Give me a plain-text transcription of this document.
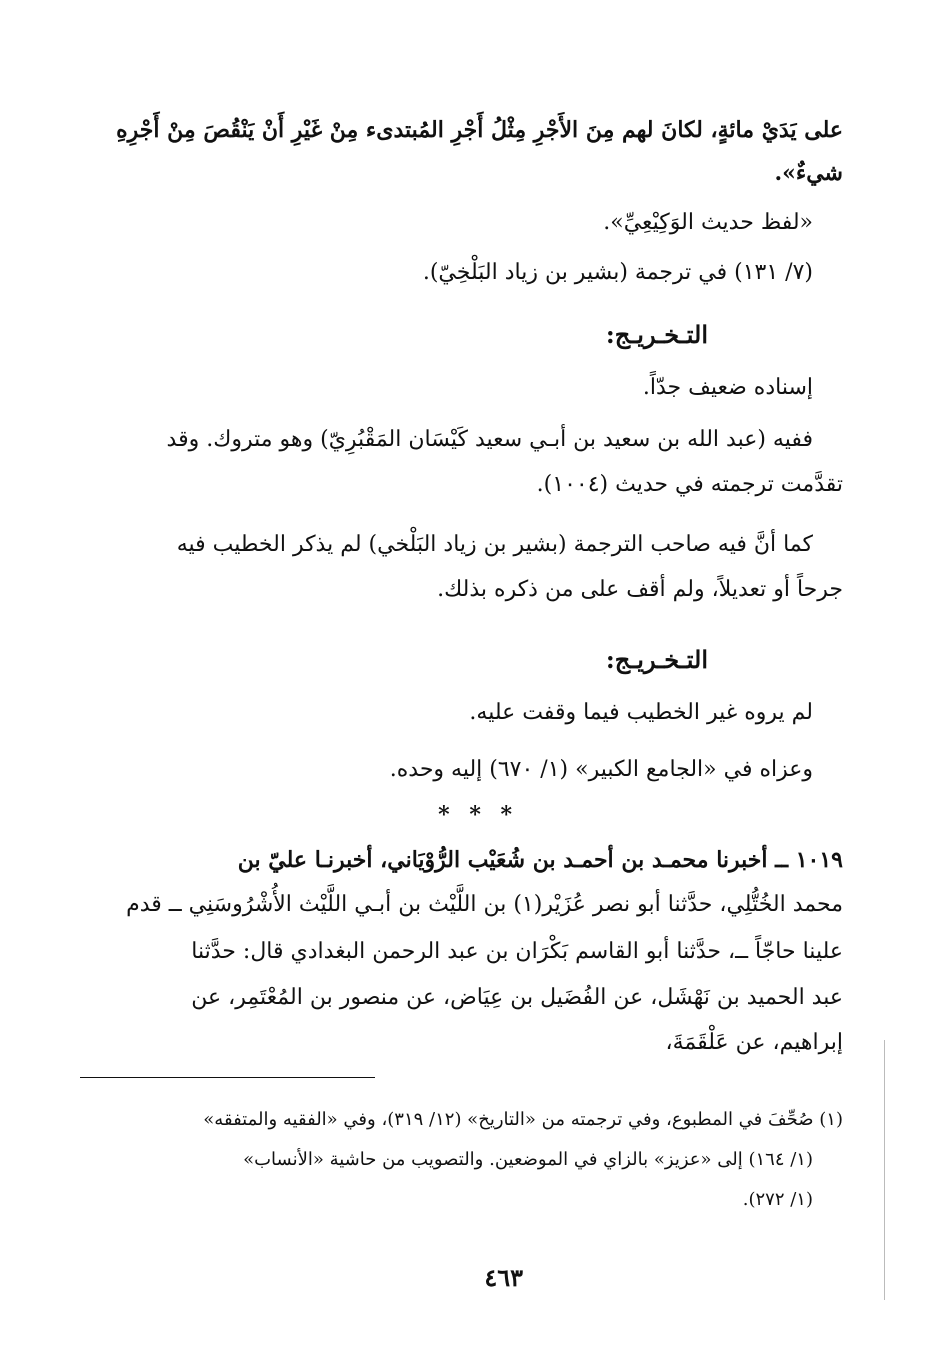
على يَدَيْ مائةٍ، لكانَ لهم مِنَ الأَجْرِ مِثْلُ أَجْرِ المُبتدىء مِنْ غَيْرِ أَنْ يَنْقُصَ مِنْ أَجْرِهِ
شيءٌ».
«لفظ حديث الوَكِيْعِيِّ».
(٧/ ١٣١) في ترجمة (بشير بن زياد البَلْخِيّ).
التـخـريـج:
إسناده ضعيف جدّاً.
ففيه (عبد الله بن سعيد بن أبـي سعيد كَيْسَان المَقْبُرِيّ) وهو متروك. وقد
تقدَّمت ترجمته في حديث (١٠٠٤).
كما أنَّ فيه صاحب الترجمة (بشير بن زياد البَلْخي) لم يذكر الخطيب فيه
جرحاً أو تعديلاً، ولم أقف على من ذكره بذلك.
التـخـريـج:
لم يروه غير الخطيب فيما وقفت عليه.
وعزاه في «الجامع الكبير» (١/ ٦٧٠) إليه وحده.
* * *
١٠١٩ ــ أخبرنا محمـد بن أحمـد بن شُعَيْب الرُّوْيَاني، أخبرنـا عليّ بن
محمد الخُتُّلِي، حدَّثنا أبو نصر عُزَيْر(١) بن اللَّيْث بن أبـي اللَّيْث الأُشْرُوسَنِي ــ قدم
علينا حاجّاً ــ، حدَّثنا أبو القاسم بَكْرَان بن عبد الرحمن البغدادي قال: حدَّثنا
عبد الحميد بن نَهْشَل، عن الفُضَيل بن عِيَاض، عن منصور بن المُعْتَمِر، عن
إبراهيم، عن عَلْقَمَةَ،
(١) صُحِّفَ في المطبوع، وفي ترجمته من «التاريخ» (١٢/ ٣١٩)، وفي «الفقيه والمتفقه»
(١/ ١٦٤) إلى «عزيز» بالزاي في الموضعين. والتصويب من حاشية «الأنساب»
(١/ ٢٧٢).
٤٦٣
